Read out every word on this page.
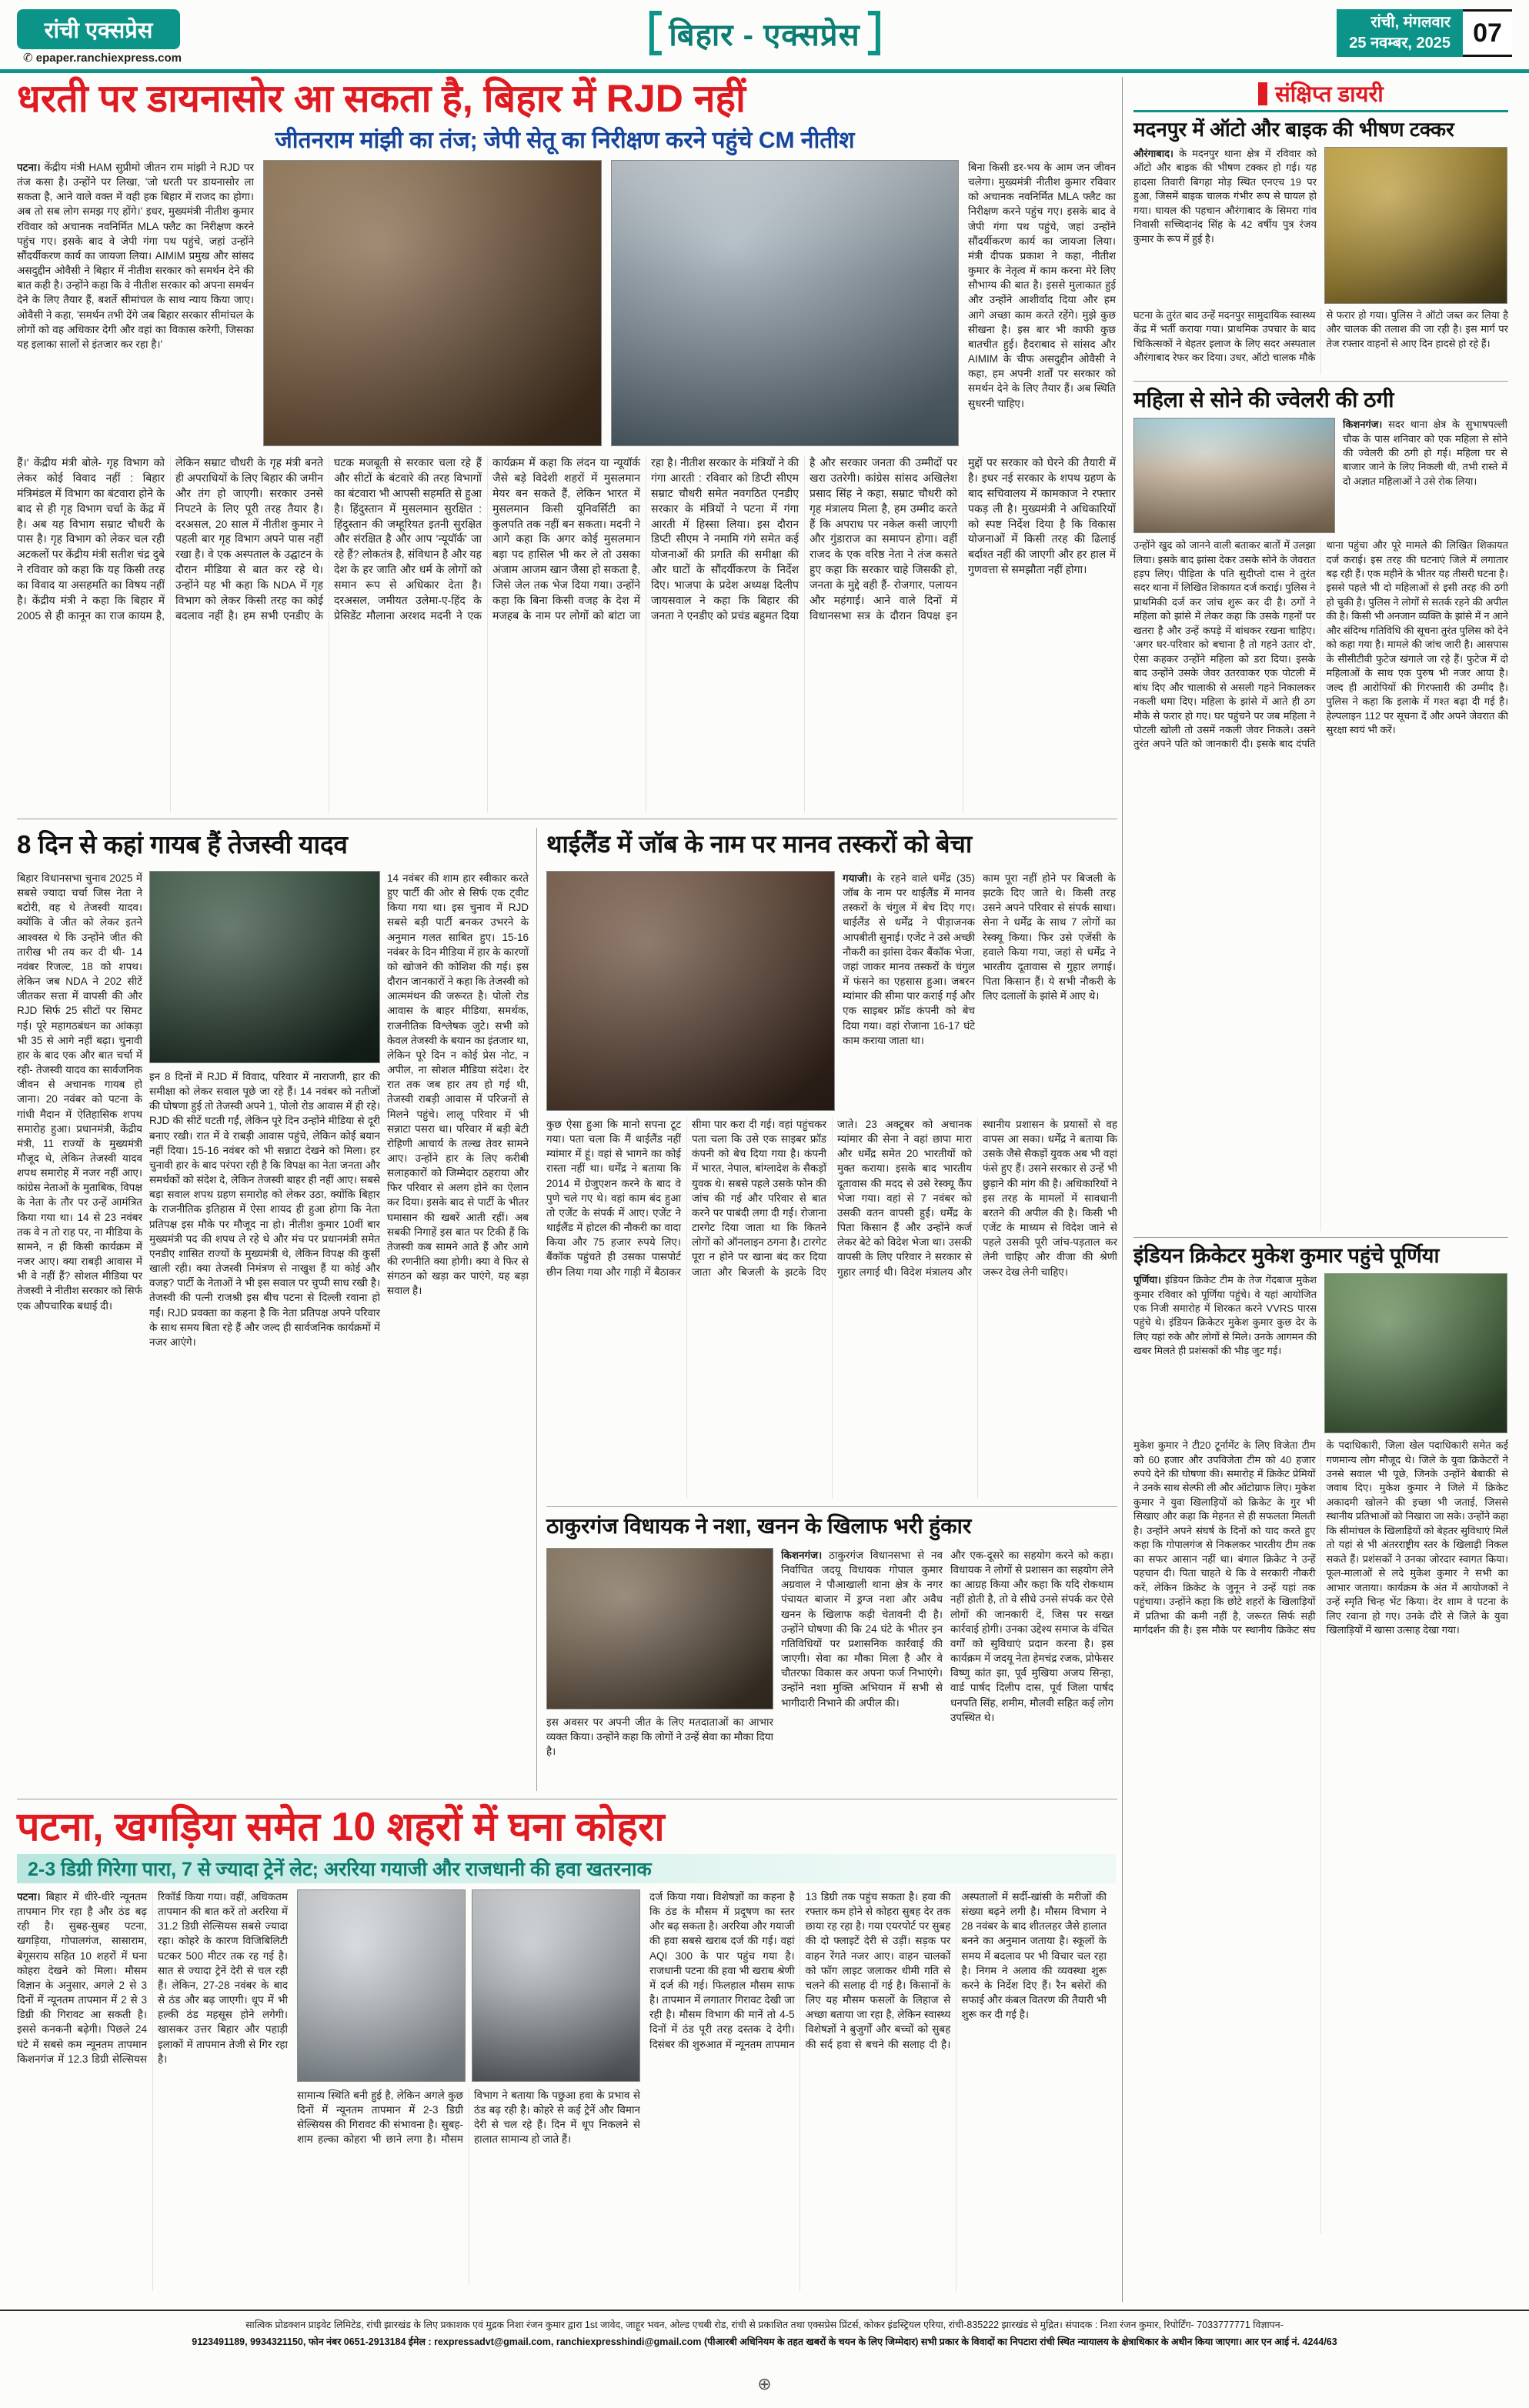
रांची एक्सप्रेस
✆ epaper.ranchiexpress.com
बिहार - एक्सप्रेस	रांची, मंगलवार
25 नवम्बर, 2025 07
धरती पर डायनासोर आ सकता है, बिहार में RJD नहीं
जीतनराम मांझी का तंज; जेपी सेतू का निरीक्षण करने पहुंचे CM नीतीश
पटना। केंद्रीय मंत्री HAM सुप्रीमो जीतन राम मांझी ने RJD पर तंज कसा है। उन्होंने पर लिखा, 'जो धरती पर डायनासोर ला सकता है, आने वाले वक्त में वही हक बिहार में राजद का होगा। अब तो सब लोग समझ गए होंगे।' इधर, मुख्यमंत्री नीतीश कुमार रविवार को अचानक नवनिर्मित MLA फ्लैट का निरीक्षण करने पहुंच गए। इसके बाद वे जेपी गंगा पथ पहुंचे, जहां उन्होंने सौंदर्यीकरण कार्य का जायजा लिया। AIMIM प्रमुख और सांसद असदुद्दीन ओवैसी ने बिहार में नीतीश सरकार को समर्थन देने की बात कही है। उन्होंने कहा कि वे नीतीश सरकार को अपना समर्थन देने के लिए तैयार हैं, बशर्ते सीमांचल के साथ न्याय किया जाए। ओवैसी ने कहा, 'समर्थन तभी देंगे जब बिहार सरकार सीमांचल के लोगों को वह अधिकार देगी और वहां का विकास करेगी, जिसका यह इलाका सालों से इंतजार कर रहा है।'
बिना किसी डर-भय के आम जन जीवन चलेगा। मुख्यमंत्री नीतीश कुमार रविवार को अचानक नवनिर्मित MLA फ्लैट का निरीक्षण करने पहुंच गए। इसके बाद वे जेपी गंगा पथ पहुंचे, जहां उन्होंने सौंदर्यीकरण कार्य का जायजा लिया। मंत्री दीपक प्रकाश ने कहा, नीतीश कुमार के नेतृत्व में काम करना मेरे लिए सौभाग्य की बात है। इससे मुलाकात हुई और उन्होंने आशीर्वाद दिया और हम आगे अच्छा काम करते रहेंगे। मुझे कुछ सीखना है। इस बार भी काफी कुछ बातचीत हुई। हैदराबाद से सांसद और AIMIM के चीफ असदुद्दीन ओवैसी ने कहा, हम अपनी शर्तों पर सरकार को समर्थन देने के लिए तैयार हैं। अब स्थिति सुधरनी चाहिए।
हैं।' केंद्रीय मंत्री बोले- गृह विभाग को लेकर कोई विवाद नहीं : बिहार मंत्रिमंडल में विभाग का बंटवारा होने के बाद से ही गृह विभाग चर्चा के केंद्र में है। अब यह विभाग सम्राट चौधरी के पास है। गृह विभाग को लेकर चल रही अटकलों पर केंद्रीय मंत्री सतीश चंद्र दुबे ने रविवार को कहा कि यह किसी तरह का विवाद या असहमति का विषय नहीं है। केंद्रीय मंत्री ने कहा कि बिहार में 2005 से ही कानून का राज कायम है, लेकिन सम्राट चौधरी के गृह मंत्री बनते ही अपराधियों के लिए बिहार की जमीन और तंग हो जाएगी। सरकार उनसे निपटने के लिए पूरी तरह तैयार है। दरअसल, 20 साल में नीतीश कुमार ने पहली बार गृह विभाग अपने पास नहीं रखा है। वे एक अस्पताल के उद्घाटन के दौरान मीडिया से बात कर रहे थे। उन्होंने यह भी कहा कि NDA में गृह विभाग को लेकर किसी तरह का कोई बदलाव नहीं है। हम सभी एनडीए के घटक मजबूती से सरकार चला रहे हैं और सीटों के बंटवारे की तरह विभागों का बंटवारा भी आपसी सहमति से हुआ है। हिंदुस्तान में मुसलमान सुरक्षित : हिंदुस्तान की जम्हूरियत इतनी सुरक्षित और संरक्षित है और आप 'न्यूयॉर्क' जा रहे हैं? लोकतंत्र है, संविधान है और यह देश के हर जाति और धर्म के लोगों को समान रूप से अधिकार देता है। दरअसल, जमीयत उलेमा-ए-हिंद के प्रेसिडेंट मौलाना अरशद मदनी ने एक कार्यक्रम में कहा कि लंदन या न्यूयॉर्क जैसे बड़े विदेशी शहरों में मुसलमान मेयर बन सकते हैं, लेकिन भारत में मुसलमान किसी यूनिवर्सिटी का कुलपति तक नहीं बन सकता। मदनी ने आगे कहा कि अगर कोई मुसलमान बड़ा पद हासिल भी कर ले तो उसका अंजाम आजम खान जैसा हो सकता है, जिसे जेल तक भेज दिया गया। उन्होंने कहा कि बिना किसी वजह के देश में मजहब के नाम पर लोगों को बांटा जा रहा है। नीतीश सरकार के मंत्रियों ने की गंगा आरती : रविवार को डिप्टी सीएम सम्राट चौधरी समेत नवगठित एनडीए सरकार के मंत्रियों ने पटना में गंगा आरती में हिस्सा लिया। इस दौरान डिप्टी सीएम ने नमामि गंगे समेत कई योजनाओं की प्रगति की समीक्षा की और घाटों के सौंदर्यीकरण के निर्देश दिए। भाजपा के प्रदेश अध्यक्ष दिलीप जायसवाल ने कहा कि बिहार की जनता ने एनडीए को प्रचंड बहुमत दिया है और सरकार जनता की उम्मीदों पर खरा उतरेगी। कांग्रेस सांसद अखिलेश प्रसाद सिंह ने कहा, सम्राट चौधरी को गृह मंत्रालय मिला है, हम उम्मीद करते हैं कि अपराध पर नकेल कसी जाएगी और गुंडाराज का समापन होगा। वहीं राजद के एक वरिष्ठ नेता ने तंज कसते हुए कहा कि सरकार चाहे जिसकी हो, जनता के मुद्दे वही हैं- रोजगार, पलायन और महंगाई। आने वाले दिनों में विधानसभा सत्र के दौरान विपक्ष इन मुद्दों पर सरकार को घेरने की तैयारी में है। इधर नई सरकार के शपथ ग्रहण के बाद सचिवालय में कामकाज ने रफ्तार पकड़ ली है। मुख्यमंत्री ने अधिकारियों को स्पष्ट निर्देश दिया है कि विकास योजनाओं में किसी तरह की ढिलाई बर्दाश्त नहीं की जाएगी और हर हाल में गुणवत्ता से समझौता नहीं होगा।
8 दिन से कहां गायब हैं तेजस्वी यादव
बिहार विधानसभा चुनाव 2025 में सबसे ज्यादा चर्चा जिस नेता ने बटोरी, वह थे तेजस्वी यादव। क्योंकि वे जीत को लेकर इतने आश्वस्त थे कि उन्होंने जीत की तारीख भी तय कर दी थी- 14 नवंबर रिजल्ट, 18 को शपथ। लेकिन जब NDA ने 202 सीटें जीतकर सत्ता में वापसी की और RJD सिर्फ 25 सीटों पर सिमट गई। पूरे महागठबंधन का आंकड़ा भी 35 से आगे नहीं बढ़ा। चुनावी हार के बाद एक और बात चर्चा में रही- तेजस्वी यादव का सार्वजनिक जीवन से अचानक गायब हो जाना। 20 नवंबर को पटना के गांधी मैदान में ऐतिहासिक शपथ समारोह हुआ। प्रधानमंत्री, केंद्रीय मंत्री, 11 राज्यों के मुख्यमंत्री मौजूद थे, लेकिन तेजस्वी यादव शपथ समारोह में नजर नहीं आए। कांग्रेस नेताओं के मुताबिक, विपक्ष के नेता के तौर पर उन्हें आमंत्रित किया गया था। 14 से 23 नवंबर तक वे न तो राह पर, ना मीडिया के सामने, न ही किसी कार्यक्रम में नजर आए। क्या राबड़ी आवास में भी वे नहीं हैं? सोशल मीडिया पर तेजस्वी ने नीतीश सरकार को सिर्फ एक औपचारिक बधाई दी।
इन 8 दिनों में RJD में विवाद, परिवार में नाराजगी, हार की समीक्षा को लेकर सवाल पूछे जा रहे हैं। 14 नवंबर को नतीजों की घोषणा हुई तो तेजस्वी अपने 1, पोलो रोड आवास में ही रहे। RJD की सीटें घटती गईं, लेकिन पूरे दिन उन्होंने मीडिया से दूरी बनाए रखी। रात में वे राबड़ी आवास पहुंचे, लेकिन कोई बयान नहीं दिया। 15-16 नवंबर को भी सन्नाटा देखने को मिला। हर चुनावी हार के बाद परंपरा रही है कि विपक्ष का नेता जनता और समर्थकों को संदेश दे, लेकिन तेजस्वी बाहर ही नहीं आए। सबसे बड़ा सवाल शपथ ग्रहण समारोह को लेकर उठा, क्योंकि बिहार के राजनीतिक इतिहास में ऐसा शायद ही हुआ होगा कि नेता प्रतिपक्ष इस मौके पर मौजूद ना हो। नीतीश कुमार 10वीं बार मुख्यमंत्री पद की शपथ ले रहे थे और मंच पर प्रधानमंत्री समेत एनडीए शासित राज्यों के मुख्यमंत्री थे, लेकिन विपक्ष की कुर्सी खाली रही। क्या तेजस्वी निमंत्रण से नाखुश हैं या कोई और वजह? पार्टी के नेताओं ने भी इस सवाल पर चुप्पी साध रखी है। तेजस्वी की पत्नी राजश्री इस बीच पटना से दिल्ली रवाना हो गईं। RJD प्रवक्ता का कहना है कि नेता प्रतिपक्ष अपने परिवार के साथ समय बिता रहे हैं और जल्द ही सार्वजनिक कार्यक्रमों में नजर आएंगे।
14 नवंबर की शाम हार स्वीकार करते हुए पार्टी की ओर से सिर्फ एक ट्वीट किया गया था। इस चुनाव में RJD सबसे बड़ी पार्टी बनकर उभरने के अनुमान गलत साबित हुए। 15-16 नवंबर के दिन मीडिया में हार के कारणों को खोजने की कोशिश की गई। इस दौरान जानकारों ने कहा कि तेजस्वी को आत्ममंथन की जरूरत है। पोलो रोड आवास के बाहर मीडिया, समर्थक, राजनीतिक विश्लेषक जुटे। सभी को केवल तेजस्वी के बयान का इंतजार था, लेकिन पूरे दिन न कोई प्रेस नोट, न अपील, ना सोशल मीडिया संदेश। देर रात तक जब हार तय हो गई थी, तेजस्वी राबड़ी आवास में परिजनों से मिलने पहुंचे। लालू परिवार में भी सन्नाटा पसरा था। परिवार में बड़ी बेटी रोहिणी आचार्य के तल्ख तेवर सामने आए। उन्होंने हार के लिए करीबी सलाहकारों को जिम्मेदार ठहराया और फिर परिवार से अलग होने का ऐलान कर दिया। इसके बाद से पार्टी के भीतर घमासान की खबरें आती रहीं। अब सबकी निगाहें इस बात पर टिकी हैं कि तेजस्वी कब सामने आते हैं और आगे की रणनीति क्या होगी। क्या वे फिर से संगठन को खड़ा कर पाएंगे, यह बड़ा सवाल है।
थाईलैंड में जॉब के नाम पर मानव तस्करों को बेचा
गयाजी। के रहने वाले धर्मेंद्र (35) जॉब के नाम पर थाईलैंड में मानव तस्करों के चंगुल में बेच दिए गए। थाईलैंड से धर्मेंद्र ने पीड़ाजनक आपबीती सुनाई। एजेंट ने उसे अच्छी नौकरी का झांसा देकर बैंकॉक भेजा, जहां जाकर मानव तस्करों के चंगुल में फंसने का एहसास हुआ। जबरन म्यांमार की सीमा पार कराई गई और एक साइबर फ्रॉड कंपनी को बेच दिया गया। वहां रोजाना 16-17 घंटे काम कराया जाता था।
काम पूरा नहीं होने पर बिजली के झटके दिए जाते थे। किसी तरह उसने अपने परिवार से संपर्क साधा। सेना ने धर्मेंद्र के साथ 7 लोगों का रेस्क्यू किया। फिर उसे एजेंसी के हवाले किया गया, जहां से धर्मेंद्र ने भारतीय दूतावास से गुहार लगाई। पिता किसान हैं। ये सभी नौकरी के लिए दलालों के झांसे में आए थे।
कुछ ऐसा हुआ कि मानो सपना टूट गया। पता चला कि मैं थाईलैंड नहीं म्यांमार में हूं। वहां से भागने का कोई रास्ता नहीं था। धर्मेंद्र ने बताया कि 2014 में ग्रेजुएशन करने के बाद वे पुणे चले गए थे। वहां काम बंद हुआ तो एजेंट के संपर्क में आए। एजेंट ने थाईलैंड में होटल की नौकरी का वादा किया और 75 हजार रुपये लिए। बैंकॉक पहुंचते ही उसका पासपोर्ट छीन लिया गया और गाड़ी में बैठाकर सीमा पार करा दी गई। वहां पहुंचकर पता चला कि उसे एक साइबर फ्रॉड कंपनी को बेच दिया गया है। कंपनी में भारत, नेपाल, बांग्लादेश के सैकड़ों युवक थे। सबसे पहले उसके फोन की जांच की गई और परिवार से बात करने पर पाबंदी लगा दी गई। रोजाना टारगेट दिया जाता था कि कितने लोगों को ऑनलाइन ठगना है। टारगेट पूरा न होने पर खाना बंद कर दिया जाता और बिजली के झटके दिए जाते। 23 अक्टूबर को अचानक म्यांमार की सेना ने वहां छापा मारा और धर्मेंद्र समेत 20 भारतीयों को मुक्त कराया। इसके बाद भारतीय दूतावास की मदद से उसे रेस्क्यू कैंप भेजा गया। वहां से 7 नवंबर को उसकी वतन वापसी हुई। धर्मेंद्र के पिता किसान हैं और उन्होंने कर्ज लेकर बेटे को विदेश भेजा था। उसकी वापसी के लिए परिवार ने सरकार से गुहार लगाई थी। विदेश मंत्रालय और स्थानीय प्रशासन के प्रयासों से वह वापस आ सका। धर्मेंद्र ने बताया कि उसके जैसे सैकड़ों युवक अब भी वहां फंसे हुए हैं। उसने सरकार से उन्हें भी छुड़ाने की मांग की है। अधिकारियों ने इस तरह के मामलों में सावधानी बरतने की अपील की है। किसी भी एजेंट के माध्यम से विदेश जाने से पहले उसकी पूरी जांच-पड़ताल कर लेनी चाहिए और वीजा की श्रेणी जरूर देख लेनी चाहिए।
ठाकुरगंज विधायक ने नशा, खनन के खिलाफ भरी हुंकार
इस अवसर पर अपनी जीत के लिए मतदाताओं का आभार व्यक्त किया। उन्होंने कहा कि लोगों ने उन्हें सेवा का मौका दिया है।
किशनगंज। ठाकुरगंज विधानसभा से नव निर्वाचित जदयू विधायक गोपाल कुमार अग्रवाल ने पौआखाली थाना क्षेत्र के नगर पंचायत बाजार में ड्रग्ज नशा और अवैध खनन के खिलाफ कड़ी चेतावनी दी है। उन्होंने घोषणा की कि 24 घंटे के भीतर इन गतिविधियों पर प्रशासनिक कार्रवाई की जाएगी। सेवा का मौका मिला है और वे चौतरफा विकास कर अपना फर्ज निभाएंगे। उन्होंने नशा मुक्ति अभियान में सभी से भागीदारी निभाने की अपील की।
और एक-दूसरे का सहयोग करने को कहा। विधायक ने लोगों से प्रशासन का सहयोग लेने का आग्रह किया और कहा कि यदि रोकथाम नहीं होती है, तो वे सीधे उनसे संपर्क कर ऐसे लोगों की जानकारी दें, जिस पर सख्त कार्रवाई होगी। उनका उद्देश्य समाज के वंचित वर्गों को सुविधाएं प्रदान करना है। इस कार्यक्रम में जदयू नेता हेमचंद्र रजक, प्रोफेसर विष्णु कांत झा, पूर्व मुखिया अजय सिन्हा, वार्ड पार्षद दिलीप दास, पूर्व जिला पार्षद धनपति सिंह, शमीम, मौलवी सहित कई लोग उपस्थित थे।
पटना, खगड़िया समेत 10 शहरों में घना कोहरा
2-3 डिग्री गिरेगा पारा, 7 से ज्यादा ट्रेनें लेट; अररिया गयाजी और राजधानी की हवा खतरनाक
पटना। बिहार में धीरे-धीरे न्यूनतम तापमान गिर रहा है और ठंड बढ़ रही है। सुबह-सुबह पटना, खगड़िया, गोपालगंज, सासाराम, बेगूसराय सहित 10 शहरों में घना कोहरा देखने को मिला। मौसम विज्ञान के अनुसार, अगले 2 से 3 दिनों में न्यूनतम तापमान में 2 से 3 डिग्री की गिरावट आ सकती है। इससे कनकनी बढ़ेगी। पिछले 24 घंटे में सबसे कम न्यूनतम तापमान किशनगंज में 12.3 डिग्री सेल्सियस रिकॉर्ड किया गया। वहीं, अधिकतम तापमान की बात करें तो अररिया में 31.2 डिग्री सेल्सियस सबसे ज्यादा रहा। कोहरे के कारण विजिबिलिटी घटकर 500 मीटर तक रह गई है। सात से ज्यादा ट्रेनें देरी से चल रही हैं। लेकिन, 27-28 नवंबर के बाद से ठंड और बढ़ जाएगी। धूप में भी हल्की ठंड महसूस होने लगेगी। खासकर उत्तर बिहार और पहाड़ी इलाकों में तापमान तेजी से गिर रहा है।
सामान्य स्थिति बनी हुई है, लेकिन अगले कुछ दिनों में न्यूनतम तापमान में 2-3 डिग्री सेल्सियस की गिरावट की संभावना है। सुबह-शाम हल्का कोहरा भी छाने लगा है। मौसम विभाग ने बताया कि पछुआ हवा के प्रभाव से ठंड बढ़ रही है। कोहरे से कई ट्रेनें और विमान देरी से चल रहे हैं। दिन में धूप निकलने से हालात सामान्य हो जाते हैं।
दर्ज किया गया। विशेषज्ञों का कहना है कि ठंड के मौसम में प्रदूषण का स्तर और बढ़ सकता है। अररिया और गयाजी की हवा सबसे खराब दर्ज की गई। वहां AQI 300 के पार पहुंच गया है। राजधानी पटना की हवा भी खराब श्रेणी में दर्ज की गई। फिलहाल मौसम साफ है। तापमान में लगातार गिरावट देखी जा रही है। मौसम विभाग की मानें तो 4-5 दिनों में ठंड पूरी तरह दस्तक दे देगी। दिसंबर की शुरुआत में न्यूनतम तापमान 13 डिग्री तक पहुंच सकता है। हवा की रफ्तार कम होने से कोहरा सुबह देर तक छाया रह रहा है। गया एयरपोर्ट पर सुबह की दो फ्लाइटें देरी से उड़ीं। सड़क पर वाहन रेंगते नजर आए। वाहन चालकों को फॉग लाइट जलाकर धीमी गति से चलने की सलाह दी गई है। किसानों के लिए यह मौसम फसलों के लिहाज से अच्छा बताया जा रहा है, लेकिन स्वास्थ्य विशेषज्ञों ने बुजुर्गों और बच्चों को सुबह की सर्द हवा से बचने की सलाह दी है। अस्पतालों में सर्दी-खांसी के मरीजों की संख्या बढ़ने लगी है। मौसम विभाग ने 28 नवंबर के बाद शीतलहर जैसे हालात बनने का अनुमान जताया है। स्कूलों के समय में बदलाव पर भी विचार चल रहा है। निगम ने अलाव की व्यवस्था शुरू करने के निर्देश दिए हैं। रैन बसेरों की सफाई और कंबल वितरण की तैयारी भी शुरू कर दी गई है।
संक्षिप्त डायरी
मदनपुर में ऑटो और बाइक की भीषण टक्कर
औरंगाबाद। के मदनपुर थाना क्षेत्र में रविवार को ऑटो और बाइक की भीषण टक्कर हो गई। यह हादसा तिवारी बिगहा मोड़ स्थित एनएच 19 पर हुआ, जिसमें बाइक चालक गंभीर रूप से घायल हो गया। घायल की पहचान औरंगाबाद के सिमरा गांव निवासी सच्चिदानंद सिंह के 42 वर्षीय पुत्र रंजय कुमार के रूप में हुई है।
घटना के तुरंत बाद उन्हें मदनपुर सामुदायिक स्वास्थ्य केंद्र में भर्ती कराया गया। प्राथमिक उपचार के बाद चिकित्सकों ने बेहतर इलाज के लिए सदर अस्पताल औरंगाबाद रेफर कर दिया। उधर, ऑटो चालक मौके से फरार हो गया। पुलिस ने ऑटो जब्त कर लिया है और चालक की तलाश की जा रही है। इस मार्ग पर तेज रफ्तार वाहनों से आए दिन हादसे हो रहे हैं।
महिला से सोने की ज्वेलरी की ठगी
किशनगंज। सदर थाना क्षेत्र के सुभाषपल्ली चौक के पास शनिवार को एक महिला से सोने की ज्वेलरी की ठगी हो गई। महिला घर से बाजार जाने के लिए निकली थी, तभी रास्ते में दो अज्ञात महिलाओं ने उसे रोक लिया।
उन्होंने खुद को जानने वाली बताकर बातों में उलझा लिया। इसके बाद झांसा देकर उसके सोने के जेवरात हड़प लिए। पीड़िता के पति सुदीप्तो दास ने तुरंत सदर थाना में लिखित शिकायत दर्ज कराई। पुलिस ने प्राथमिकी दर्ज कर जांच शुरू कर दी है। ठगों ने महिला को झांसे में लेकर कहा कि उसके गहनों पर खतरा है और उन्हें कपड़े में बांधकर रखना चाहिए। 'अगर घर-परिवार को बचाना है तो गहने उतार दो', ऐसा कहकर उन्होंने महिला को डरा दिया। इसके बाद उन्होंने उसके जेवर उतरवाकर एक पोटली में बांध दिए और चालाकी से असली गहने निकालकर नकली थमा दिए। महिला के झांसे में आते ही ठग मौके से फरार हो गए। घर पहुंचने पर जब महिला ने पोटली खोली तो उसमें नकली जेवर निकले। उसने तुरंत अपने पति को जानकारी दी। इसके बाद दंपति थाना पहुंचा और पूरे मामले की लिखित शिकायत दर्ज कराई। इस तरह की घटनाएं जिले में लगातार बढ़ रही हैं। एक महीने के भीतर यह तीसरी घटना है। इससे पहले भी दो महिलाओं से इसी तरह की ठगी हो चुकी है। पुलिस ने लोगों से सतर्क रहने की अपील की है। किसी भी अनजान व्यक्ति के झांसे में न आने और संदिग्ध गतिविधि की सूचना तुरंत पुलिस को देने को कहा गया है। मामले की जांच जारी है। आसपास के सीसीटीवी फुटेज खंगाले जा रहे हैं। फुटेज में दो महिलाओं के साथ एक पुरुष भी नजर आया है। जल्द ही आरोपियों की गिरफ्तारी की उम्मीद है। पुलिस ने कहा कि इलाके में गश्त बढ़ा दी गई है। हेल्पलाइन 112 पर सूचना दें और अपने जेवरात की सुरक्षा स्वयं भी करें।
इंडियन क्रिकेटर मुकेश कुमार पहुंचे पूर्णिया
पूर्णिया। इंडियन क्रिकेट टीम के तेज गेंदबाज मुकेश कुमार रविवार को पूर्णिया पहुंचे। वे यहां आयोजित एक निजी समारोह में शिरकत करने VVRS पारस पहुंचे थे। इंडियन क्रिकेटर मुकेश कुमार कुछ देर के लिए यहां रुके और लोगों से मिले। उनके आगमन की खबर मिलते ही प्रशंसकों की भीड़ जुट गई।
मुकेश कुमार ने टी20 टूर्नामेंट के लिए विजेता टीम को 60 हजार और उपविजेता टीम को 40 हजार रुपये देने की घोषणा की। समारोह में क्रिकेट प्रेमियों ने उनके साथ सेल्फी ली और ऑटोग्राफ लिए। मुकेश कुमार ने युवा खिलाड़ियों को क्रिकेट के गुर भी सिखाए और कहा कि मेहनत से ही सफलता मिलती है। उन्होंने अपने संघर्ष के दिनों को याद करते हुए कहा कि गोपालगंज से निकलकर भारतीय टीम तक का सफर आसान नहीं था। बंगाल क्रिकेट ने उन्हें पहचान दी। पिता चाहते थे कि वे सरकारी नौकरी करें, लेकिन क्रिकेट के जुनून ने उन्हें यहां तक पहुंचाया। उन्होंने कहा कि छोटे शहरों के खिलाड़ियों में प्रतिभा की कमी नहीं है, जरूरत सिर्फ सही मार्गदर्शन की है। इस मौके पर स्थानीय क्रिकेट संघ के पदाधिकारी, जिला खेल पदाधिकारी समेत कई गणमान्य लोग मौजूद थे। जिले के युवा क्रिकेटरों ने उनसे सवाल भी पूछे, जिनके उन्होंने बेबाकी से जवाब दिए। मुकेश कुमार ने जिले में क्रिकेट अकादमी खोलने की इच्छा भी जताई, जिससे स्थानीय प्रतिभाओं को निखारा जा सके। उन्होंने कहा कि सीमांचल के खिलाड़ियों को बेहतर सुविधाएं मिलें तो यहां से भी अंतरराष्ट्रीय स्तर के खिलाड़ी निकल सकते हैं। प्रशंसकों ने उनका जोरदार स्वागत किया। फूल-मालाओं से लदे मुकेश कुमार ने सभी का आभार जताया। कार्यक्रम के अंत में आयोजकों ने उन्हें स्मृति चिन्ह भेंट किया। देर शाम वे पटना के लिए रवाना हो गए। उनके दौरे से जिले के युवा खिलाड़ियों में खासा उत्साह देखा गया।
सात्विक प्रोडक्शन प्राइवेट लिमिटेड, रांची झारखंड के लिए प्रकाशक एवं मुद्रक निशा रंजन कुमार द्वारा 1st जावेद, जाहूर भवन, ओल्ड एचबी रोड, रांची से प्रकाशित तथा एक्सप्रेस प्रिंटर्स, कोकर इंडस्ट्रियल एरिया, रांची-835222 झारखंड से मुद्रित। संपादक : निशा रंजन कुमार, रिपोर्टिंग- 7033777771 विज्ञापन-
9123491189, 9934321150, फोन नंबर 0651-2913184 ईमेल : rexpressadvt@gmail.com, ranchiexpresshindi@gmail.com (पीआरबी अधिनियम के तहत खबरों के चयन के लिए जिम्मेदार) सभी प्रकार के विवादों का निपटारा रांची स्थित न्यायालय के क्षेत्राधिकार के अधीन किया जाएगा। आर एन आई नं. 4244/63
⊕
